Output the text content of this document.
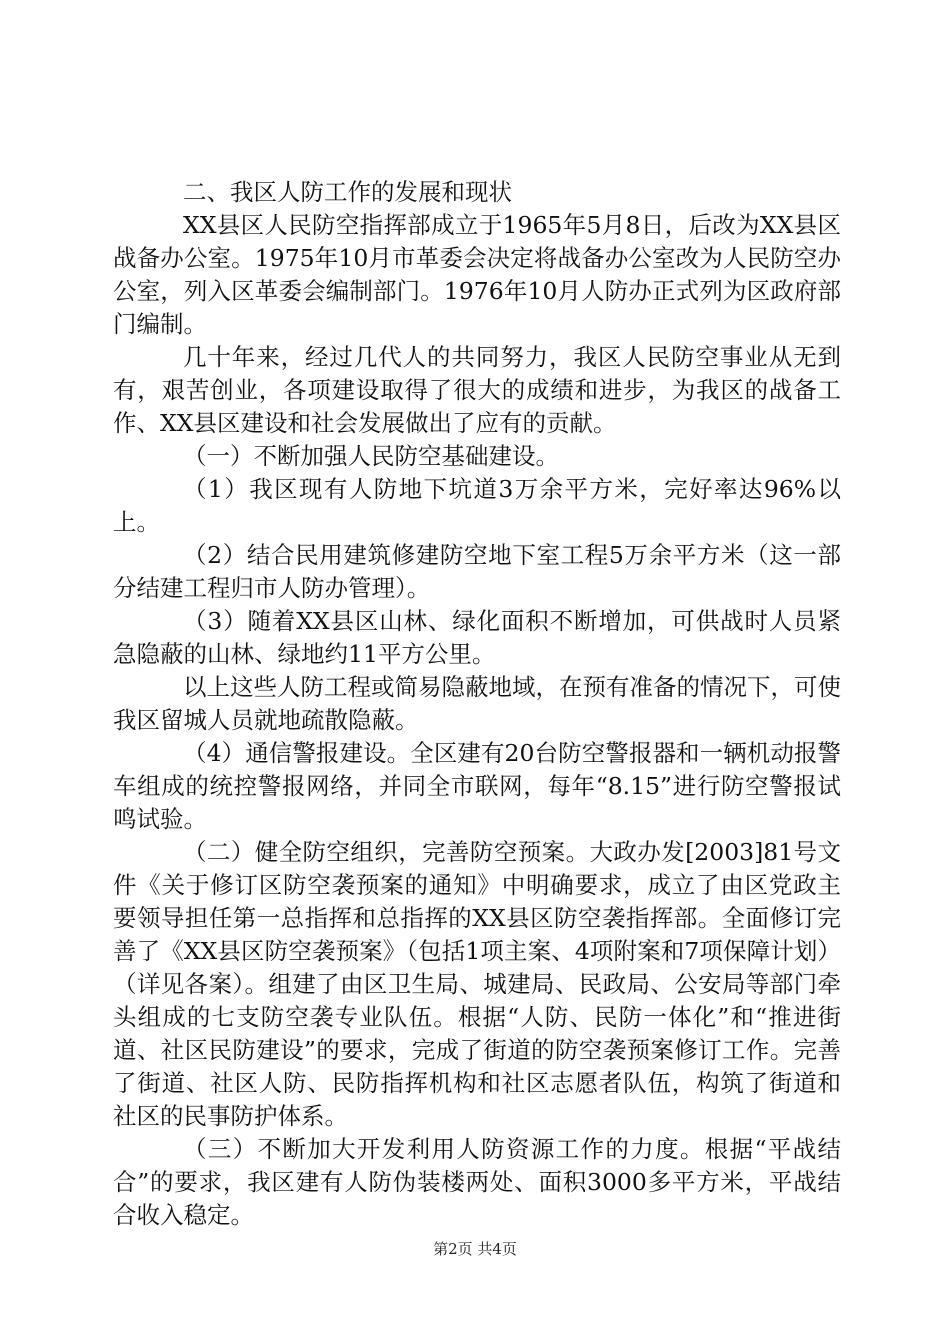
二、我区人防工作的发展和现状

XX县区人民防空指挥部成立于1965年5月8日，后改为XX县区战备办公室。1975年10月市革委会决定将战备办公室改为人民防空办公室，列入区革委会编制部门。1976年10月人防办正式列为区政府部门编制。

几十年来，经过几代人的共同努力，我区人民防空事业从无到有，艰苦创业，各项建设取得了很大的成绩和进步，为我区的战备工作、XX县区建设和社会发展做出了应有的贡献。

（一）不断加强人民防空基础建设。

（1）我区现有人防地下坑道3万余平方米，完好率达96%以上。

（2）结合民用建筑修建防空地下室工程5万余平方米（这一部分结建工程归市人防办管理）。

（3）随着XX县区山林、绿化面积不断增加，可供战时人员紧急隐蔽的山林、绿地约11平方公里。

以上这些人防工程或简易隐蔽地域，在预有准备的情况下，可使我区留城人员就地疏散隐蔽。

（4）通信警报建设。全区建有20台防空警报器和一辆机动报警车组成的统控警报网络，并同全市联网，每年“8.15”进行防空警报试鸣试验。

（二）健全防空组织，完善防空预案。大政办发[2003]81号文件《关于修订区防空袭预案的通知》中明确要求，成立了由区党政主要领导担任第一总指挥和总指挥的XX县区防空袭指挥部。全面修订完善了《XX县区防空袭预案》（包括1项主案、4项附案和7项保障计划）（详见各案）。组建了由区卫生局、城建局、民政局、公安局等部门牵头组成的七支防空袭专业队伍。根据“人防、民防一体化”和“推进街道、社区民防建设”的要求，完成了街道的防空袭预案修订工作。完善了街道、社区人防、民防指挥机构和社区志愿者队伍，构筑了街道和社区的民事防护体系。

（三）不断加大开发利用人防资源工作的力度。根据“平战结合”的要求，我区建有人防伪装楼两处、面积3000多平方米，平战结合收入稳定。

第2页 共4页
